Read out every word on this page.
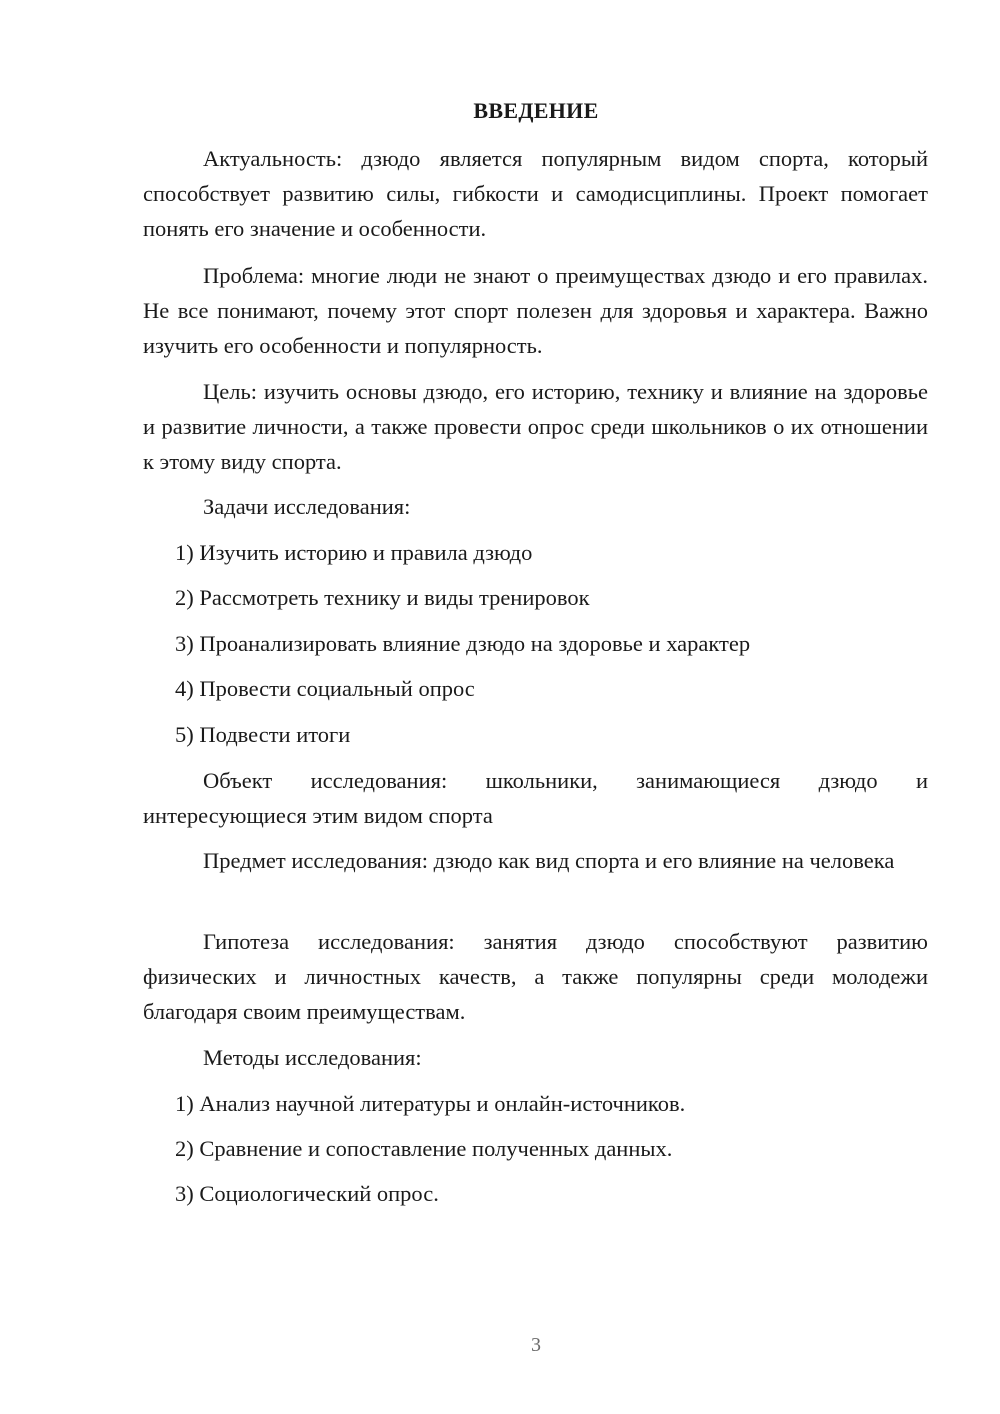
ВВЕДЕНИЕ

Актуальность: дзюдо является популярным видом спорта, который способствует развитию силы, гибкости и самодисциплины. Проект помогает понять его значение и особенности.

Проблема: многие люди не знают о преимуществах дзюдо и его правилах. Не все понимают, почему этот спорт полезен для здоровья и характера. Важно изучить его особенности и популярность.

Цель: изучить основы дзюдо, его историю, технику и влияние на здоровье и развитие личности, а также провести опрос среди школьников о их отношении к этому виду спорта.

Задачи исследования:

1) Изучить историю и правила дзюдо

2) Рассмотреть технику и виды тренировок

3) Проанализировать влияние дзюдо на здоровье и характер

4) Провести социальный опрос

5) Подвести итоги

Объект исследования: школьники, занимающиеся дзюдо и интересующиеся этим видом спорта

Предмет исследования: дзюдо как вид спорта и его влияние на человека

Гипотеза исследования: занятия дзюдо способствуют развитию физических и личностных качеств, а также популярны среди молодежи благодаря своим преимуществам.

Методы исследования:

1) Анализ научной литературы и онлайн-источников.

2) Сравнение и сопоставление полученных данных.

3) Социологический опрос.

3
